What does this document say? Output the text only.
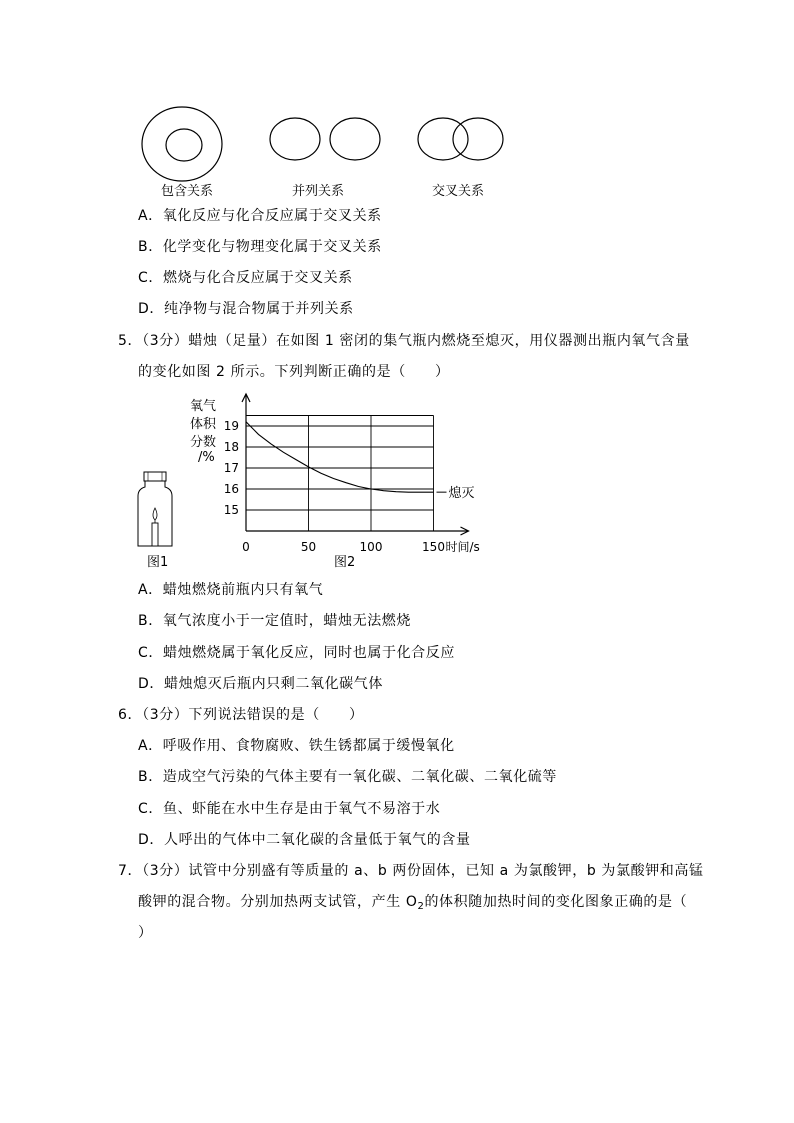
包含关系	并列关系	交叉关系
A．氧化反应与化合反应属于交叉关系
B．化学变化与物理变化属于交叉关系
C．燃烧与化合反应属于交叉关系
D．纯净物与混合物属于并列关系
5．（3分）蜡烛（足量）在如图 1 密闭的集气瓶内燃烧至熄灭，用仪器测出瓶内氧气含量
的变化如图 2 所示。下列判断正确的是（　　）
图1
氧气
体积
分数
/%
15
16
17
18
19
0	50	100	150 时间/s
熄灭
图2
A．蜡烛燃烧前瓶内只有氧气
B．氧气浓度小于一定值时，蜡烛无法燃烧
C．蜡烛燃烧属于氧化反应，同时也属于化合反应
D．蜡烛熄灭后瓶内只剩二氧化碳气体
6．（3分）下列说法错误的是（　　）
A．呼吸作用、食物腐败、铁生锈都属于缓慢氧化
B．造成空气污染的气体主要有一氧化碳、二氧化碳、二氧化硫等
C．鱼、虾能在水中生存是由于氧气不易溶于水
D．人呼出的气体中二氧化碳的含量低于氧气的含量
7．（3分）试管中分别盛有等质量的 a、b 两份固体，已知 a 为氯酸钾，b 为氯酸钾和高锰
酸钾的混合物。分别加热两支试管，产生 $O_2$的体积随加热时间的变化图象正确的是（
）
